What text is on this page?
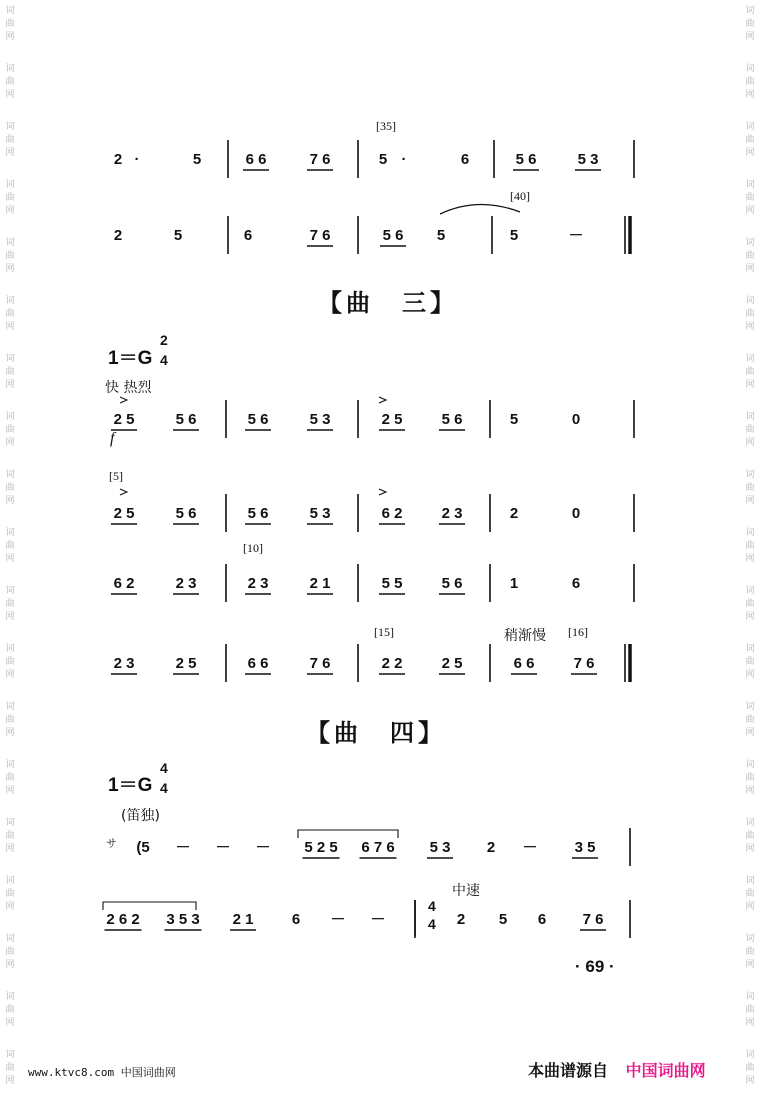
词
曲
网
词
曲
网
词
曲
网
词
曲
网
词
曲
网
词
曲
网
词
曲
网
词
曲
网
词
曲
网
词
曲
网
词
曲
网
词
曲
网
词
曲
网
词
曲
网
词
曲
网
词
曲
网
词
曲
网
词
曲
网
词
曲
网
词
曲
网
词
曲
网
词
曲
网
词
曲
网
词
曲
网
词
曲
网
词
曲
网
词
曲
网
词
曲
网
词
曲
网
词
曲
网
词
曲
网
词
曲
网
词
曲
网
词
曲
网
词
曲
网
词
曲
网
词
曲
网
词
曲
网
2 ·	5	6 6	7 6	5 ·	6	5 6	5 3
2	5	6	7 6	5 6 5	5	－
2 5	5 6	5 6	5 3	2 5	5 6	5	0
2 5	5 6	5 6	5 3	6 2	2 3	2	0
6 2	2 3	2 3	2 1	5 5	5 6	1	6
2 3	2 5	6 6	7 6	2 2	2 5	6 6	7 6
(5 － － － 5 2 5 6 7 6 5 3 2 － 3 5
2 6 2 3 5 3 2 1	6 － －	2 5 6 7 6
[35]
[40]
[5]
[10]
[15]	[16]
【曲　三】
1＝G
2
4
快 热烈
f
稍渐慢
【曲　四】
1＝G
4
4
(笛独)
サ
中速
4
4
· 69 ·
www.ktvc8.com 中国词曲网	本曲谱源自 中国词曲网
